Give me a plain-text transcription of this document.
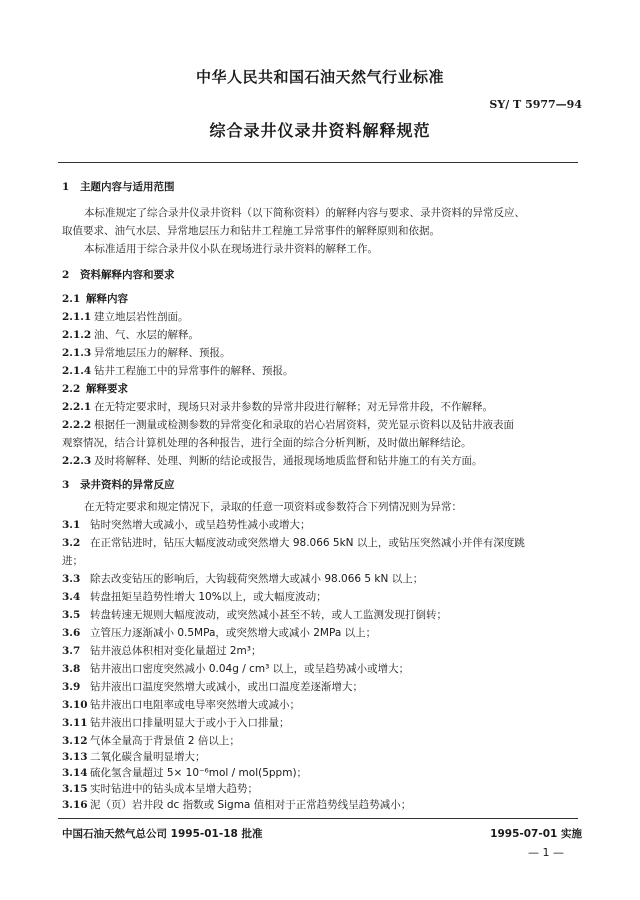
中华人民共和国石油天然气行业标准
SY/ T 5977—94
综合录井仪录井资料解释规范
1 主题内容与适用范围
本标准规定了综合录井仪录井资料（以下简称资料）的解释内容与要求、录井资料的异常反应、
取值要求、油气水层、异常地层压力和钻井工程施工异常事件的解释原则和依据。
本标准适用于综合录井仪小队在现场进行录井资料的解释工作。
2 资料解释内容和要求
2.1 解释内容
2.1.1 建立地层岩性剖面。
2.1.2 油、气、水层的解释。
2.1.3 异常地层压力的解释、预报。
2.1.4 钻井工程施工中的异常事件的解释、预报。
2.2 解释要求
2.2.1 在无特定要求时，现场只对录井参数的异常井段进行解释；对无异常井段，不作解释。
2.2.2 根据任一测量或检测参数的异常变化和录取的岩心岩屑资料，荧光显示资料以及钻井液表面
观察情况，结合计算机处理的各种报告，进行全面的综合分析判断，及时做出解释结论。
2.2.3 及时将解释、处理、判断的结论或报告，通报现场地质监督和钻井施工的有关方面。
3 录井资料的异常反应
在无特定要求和规定情况下，录取的任意一项资料或参数符合下列情况则为异常：
3.1 钻时突然增大或减小，或呈趋势性减小或增大；
3.2 在正常钻进时，钻压大幅度波动或突然增大 98.066 5kN 以上，或钻压突然减小并伴有深度跳
进；
3.3 除去改变钻压的影响后，大钩载荷突然增大或减小 98.066 5 kN 以上；
3.4 转盘扭矩呈趋势性增大 10%以上，或大幅度波动；
3.5 转盘转速无规则大幅度波动，或突然减小甚至不转，或人工监测发现打倒转；
3.6 立管压力逐渐减小 0.5MPa，或突然增大或减小 2MPa 以上；
3.7 钻井液总体积相对变化量超过 2m³；
3.8 钻井液出口密度突然减小 0.04g / cm³ 以上，或呈趋势减小或增大；
3.9 钻井液出口温度突然增大或减小，或出口温度差逐渐增大；
3.10 钻井液出口电阻率或电导率突然增大或减小；
3.11 钻井液出口排量明显大于或小于入口排量；
3.12 气体全量高于背景值 2 倍以上；
3.13 二氧化碳含量明显增大；
3.14 硫化氢含量超过 5× 10⁻⁶mol / mol(5ppm)；
3.15 实时钻进中的钻头成本呈增大趋势；
中国石油天然气总公司 1995-01-18 批准	1995-07-01 实施
— 1 —
3.16 泥（页）岩井段 dc 指数或 Sigma 值相对于正常趋势线呈趋势减小；
